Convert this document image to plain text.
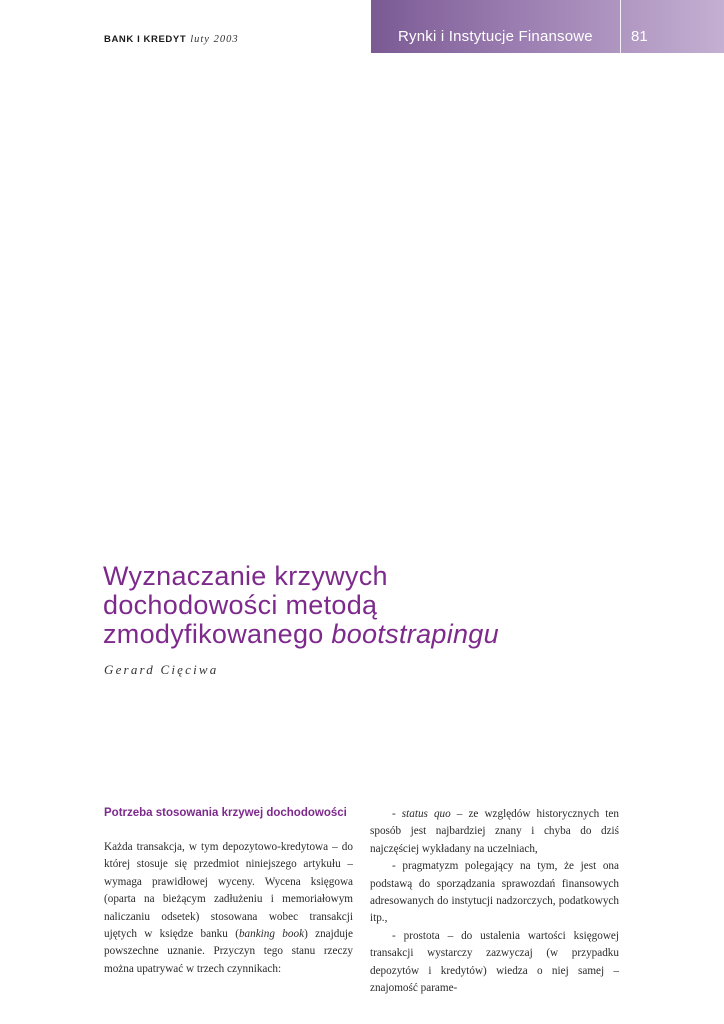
BANK I KREDYT luty 2003	Rynki i Instytucje Finansowe	81
Wyznaczanie krzywych
dochodowości metodą
zmodyfikowanego bootstrapingu
Gerard Cięciwa
Potrzeba stosowania krzywej dochodowości

Każda transakcja, w tym depozytowo-kredytowa – do której stosuje się przedmiot niniejszego artykułu – wymaga prawidłowej wyceny. Wycena księgowa (oparta na bieżącym zadłużeniu i memoriałowym naliczaniu odsetek) stosowana wobec transakcji ujętych w księdze banku (banking book) znajduje powszechne uznanie. Przyczyn tego stanu rzeczy można upatrywać w trzech czynnikach:

- status quo – ze względów historycznych ten sposób jest najbardziej znany i chyba do dziś najczęściej wykładany na uczelniach,

- pragmatyzm polegający na tym, że jest ona podstawą do sporządzania sprawozdań finansowych adresowanych do instytucji nadzorczych, podatkowych itp.,

- prostota – do ustalenia wartości księgowej transakcji wystarczy zazwyczaj (w przypadku depozytów i kredytów) wiedza o niej samej – znajomość parame-
